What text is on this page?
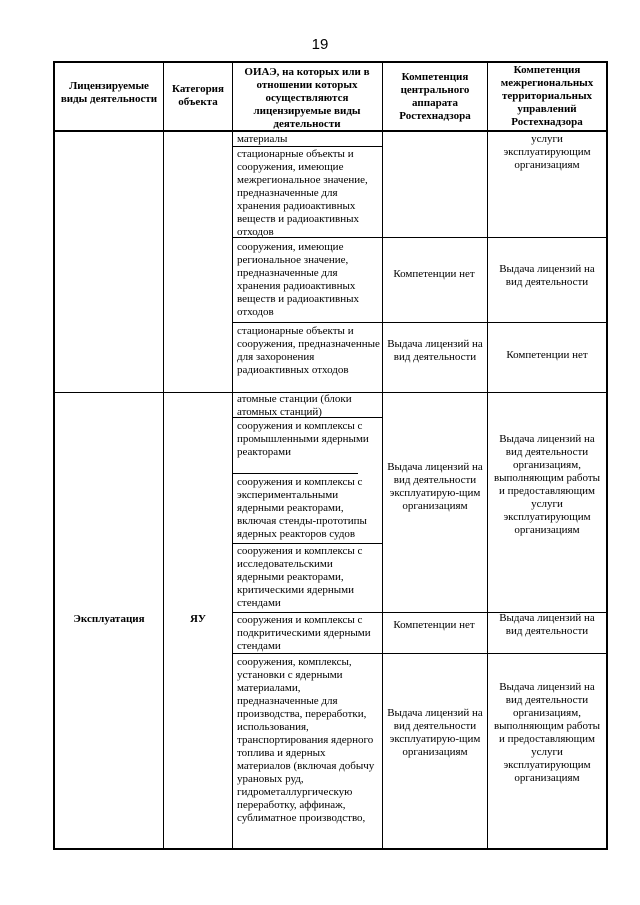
19
Лицензируемые виды деятельности
Категория объекта
ОИАЭ, на которых или в отношении которых осуществляются лицензируемые виды деятельности
Компетенция центрального аппарата Ростехнадзора
Компетенция межрегиональных территориальных управлений Ростехнадзора
материалы
стационарные объекты и сооружения, имеющие межрегиональное значение, предназначенные для хранения радиоактивных веществ и радиоактивных отходов
сооружения, имеющие региональное значение, предназначенные для хранения радиоактивных веществ и радиоактивных отходов
стационарные объекты и сооружения, предназначенные для захоронения радиоактивных отходов
Компетенции нет
Выдача лицензий на вид деятельности
услуги эксплуатирующим организациям
Выдача лицензий на вид деятельности
Компетенции нет
Эксплуатация	ЯУ
атомные станции (блоки атомных станций)
сооружения и комплексы с промышленными ядерными реакторами
сооружения и комплексы с экспериментальными ядерными реакторами, включая стенды-прототипы ядерных реакторов судов
сооружения и комплексы с исследовательскими ядерными реакторами, критическими ядерными стендами
сооружения и комплексы с подкритическими ядерными стендами
сооружения, комплексы, установки с ядерными материалами, предназначенные для производства, переработки, использования, транспортирования ядерного топлива и ядерных материалов (включая добычу урановых руд, гидрометаллургическую переработку, аффинаж, сублиматное производство,
Выдача лицензий на вид деятельности эксплуатирую-щим организациям
Компетенции нет
Выдача лицензий на вид деятельности эксплуатирую-щим организациям
Выдача лицензий на вид деятельности организациям, выполняющим работы и предоставляющим услуги эксплуатирующим организациям
Выдача лицензий на вид деятельности
Выдача лицензий на вид деятельности организациям, выполняющим работы и предоставляющим услуги эксплуатирующим организациям
